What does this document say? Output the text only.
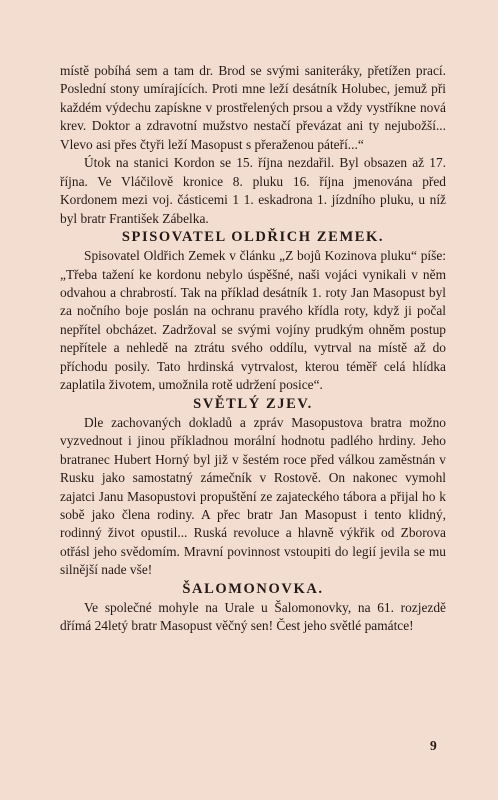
místě pobíhá sem a tam dr. Brod se svými saniteráky, přetížen prací. Poslední stony umírajících. Proti mne leží desátník Holubec, jemuž při každém výdechu zapískne v prostřelených prsou a vždy vystříkne nová krev. Doktor a zdravotní mužstvo nestačí převázat ani ty nejubožší... Vlevo asi přes čtyři leží Masopust s přeraženou páteří...“

Útok na stanici Kordon se 15. října nezdařil. Byl obsazen až 17. října. Ve Vláčilově kronice 8. pluku 16. října jmenována před Kordonem mezi voj. částicemi 1 1. eskadrona 1. jízdního pluku, u níž byl bratr František Zábelka.

SPISOVATEL OLDŘICH ZEMEK.

Spisovatel Oldřich Zemek v článku „Z bojů Kozinova pluku“ píše: „Třeba tažení ke kordonu nebylo úspěšné, naši vojáci vynikali v něm odvahou a chrabrostí. Tak na příklad desátník 1. roty Jan Masopust byl za nočního boje poslán na ochranu pravého křídla roty, když ji počal nepřítel obcházet. Zadržoval se svými vojíny prudkým ohněm postup nepřítele a nehledě na ztrátu svého oddílu, vytrval na místě až do příchodu posily. Tato hrdinská vytrvalost, kterou téměř celá hlídka zaplatila životem, umožnila rotě udržení posice“.

SVĚTLÝ ZJEV.

Dle zachovaných dokladů a zpráv Masopustova bratra možno vyzvednout i jinou příkladnou morální hodnotu padlého hrdiny. Jeho bratranec Hubert Horný byl již v šestém roce před válkou zaměstnán v Rusku jako samostatný zámečník v Rostově. On nakonec vymohl zajatci Janu Masopustovi propuštění ze zajateckého tábora a přijal ho k sobě jako člena rodiny. A přec bratr Jan Masopust i tento klidný, rodinný život opustil... Ruská revoluce a hlavně výkřik od Zborova otřásl jeho svědomím. Mravní povinnost vstoupiti do legií jevila se mu silnější nade vše!

ŠALOMONOVKA.

Ve společné mohyle na Urale u Šalomonovky, na 61. rozjezdě dřímá 24letý bratr Masopust věčný sen! Čest jeho světlé památce!

9
